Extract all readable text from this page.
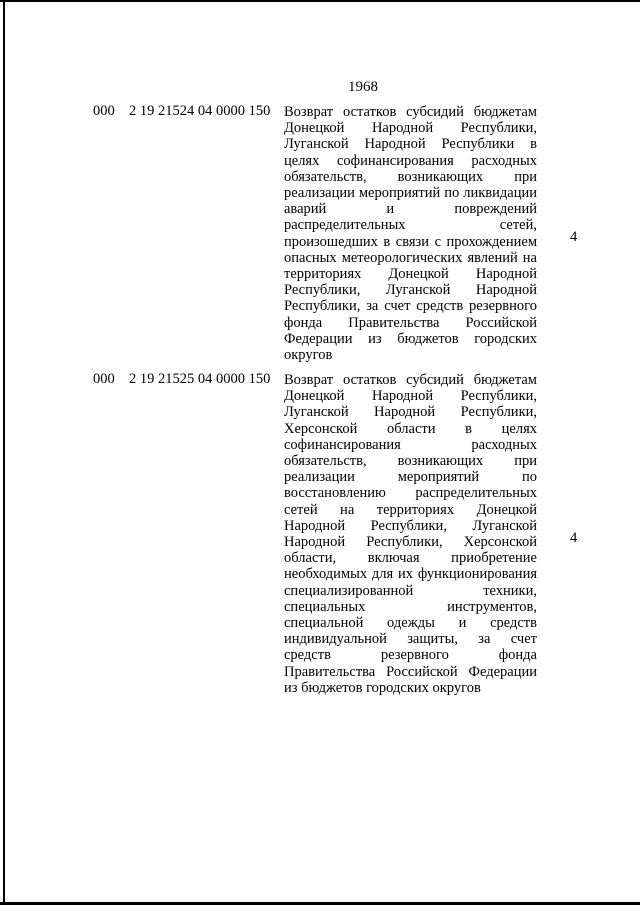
1968
000 2 19 21524 04 0000 150 Возврат остатков субсидий бюджетам Донецкой Народной Республики, Луганской Народной Республики в целях софинансирования расходных обязательств, возникающих при реализации мероприятий по ликвидации аварий и повреждений распределительных сетей, произошедших в связи с прохождением опасных метеорологических явлений на территориях Донецкой Народной Республики, Луганской Народной Республики, за счет средств резервного фонда Правительства Российской Федерации из бюджетов городских округов
4
000 2 19 21525 04 0000 150 Возврат остатков субсидий бюджетам Донецкой Народной Республики, Луганской Народной Республики, Херсонской области в целях софинансирования расходных обязательств, возникающих при реализации мероприятий по восстановлению распределительных сетей на территориях Донецкой Народной Республики, Луганской Народной Республики, Херсонской области, включая приобретение необходимых для их функционирования специализированной техники, специальных инструментов, специальной одежды и средств индивидуальной защиты, за счет средств резервного фонда Правительства Российской Федерации из бюджетов городских округов
4
